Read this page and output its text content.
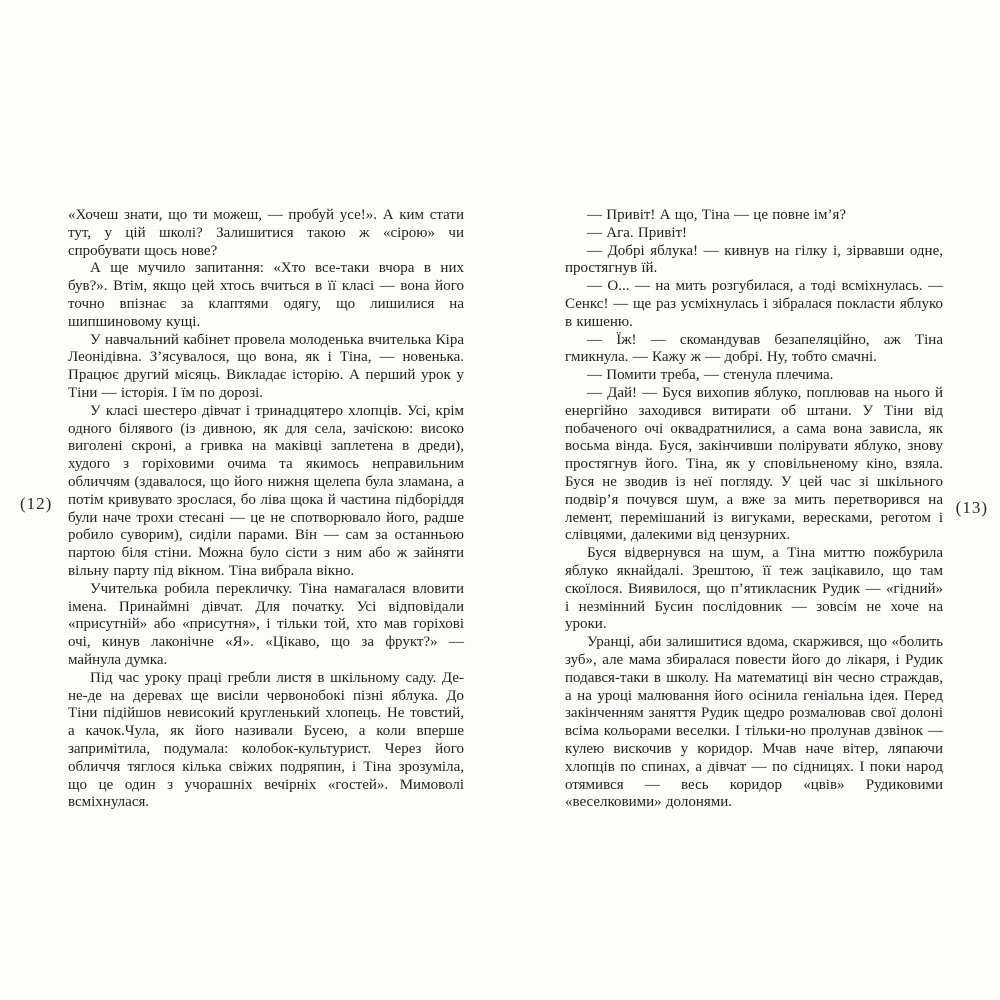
(12)

«Хочеш знати, що ти можеш, — пробуй усе!». А ким стати тут, у цій школі? Залишитися такою ж «сірою» чи спробувати щось нове?

А ще мучило запитання: «Хто все-таки вчора в них був?». Втім, якщо цей хтось вчиться в її класі — вона його точно впізнає за клаптями одягу, що лишилися на шипшиновому кущі.

У навчальний кабінет провела молоденька вчителька Кіра Леонідівна. З’ясувалося, що вона, як і Тіна, — новенька. Працює другий місяць. Викладає історію. А перший урок у Тіни — історія. І їм по дорозі.

У класі шестеро дівчат і тринадцятеро хлопців. Усі, крім одного білявого (із дивною, як для села, зачіскою: високо виголені скроні, а гривка на маківці заплетена в дреди), худого з горіховими очима та якимось неправильним обличчям (здавалося, що його нижня щелепа була зламана, а потім кривувато зрослася, бо ліва щока й частина підборіддя були наче трохи стесані — це не спотворювало його, радше робило суворим), сиділи парами. Він — сам за останньою партою біля стіни. Можна було сісти з ним або ж зайняти вільну парту під вікном. Тіна вибрала вікно.

Учителька робила перекличку. Тіна намагалася вловити імена. Принаймні дівчат. Для початку. Усі відповідали «присутній» або «присутня», і тільки той, хто мав горіхові очі, кинув лаконічне «Я». «Цікаво, що за фрукт?» — майнула думка.

Під час уроку праці гребли листя в шкільному саду. Де-не-де на деревах ще висіли червонобокі пізні яблука. До Тіни підійшов невисокий кругленький хлопець. Не товстий, а качок.Чула, як його називали Бусею, а коли вперше запримітила, подумала: колобок-культурист. Через його обличчя тяглося кілька свіжих подряпин, і Тіна зрозуміла, що це один з учорашніх вечірніх «гостей». Мимоволі всміхнулася.

— Привіт! А що, Тіна — це повне ім’я?

— Ага. Привіт!

— Добрі яблука! — кивнув на гілку і, зірвавши одне, простягнув їй.

— О... — на мить розгубилася, а тоді всміхнулась. — Сенкс! — ще раз усміхнулась і зібралася покласти яблуко в кишеню.

— Їж! — скомандував безапеляційно, аж Тіна гмикнула. — Кажу ж — добрі. Ну, тобто смачні.

— Помити треба, — стенула плечима.

— Дай! — Буся вихопив яблуко, поплював на нього й енергійно заходився витирати об штани. У Тіни від побаченого очі оквадратнилися, а сама вона зависла, як восьма вінда. Буся, закінчивши полірувати яблуко, знову простягнув його. Тіна, як у сповільненому кіно, взяла. Буся не зводив із неї погляду. У цей час зі шкільного подвір’я почувся шум, а вже за мить перетворився на лемент, перемішаний із вигуками, вересками, реготом і слівцями, далекими від цензурних.

Буся відвернувся на шум, а Тіна миттю пожбурила яблуко якнайдалі. Зрештою, її теж зацікавило, що там скоїлося. Виявилося, що п’ятикласник Рудик — «гідний» і незмінний Бусин послідовник — зовсім не хоче на уроки.

Уранці, аби залишитися вдома, скаржився, що «болить зуб», але мама збиралася повести його до лікаря, і Рудик подався-таки в школу. На математиці він чесно страждав, а на уроці малювання його осінила геніальна ідея. Перед закінченням заняття Рудик щедро розмалював свої долоні всіма кольорами веселки. І тільки-но пролунав дзвінок — кулею вискочив у коридор. Мчав наче вітер, ляпаючи хлопців по спинах, а дівчат — по сідницях. І поки народ отямився — весь коридор «цвів» Рудиковими «веселковими» долонями.

(13)
